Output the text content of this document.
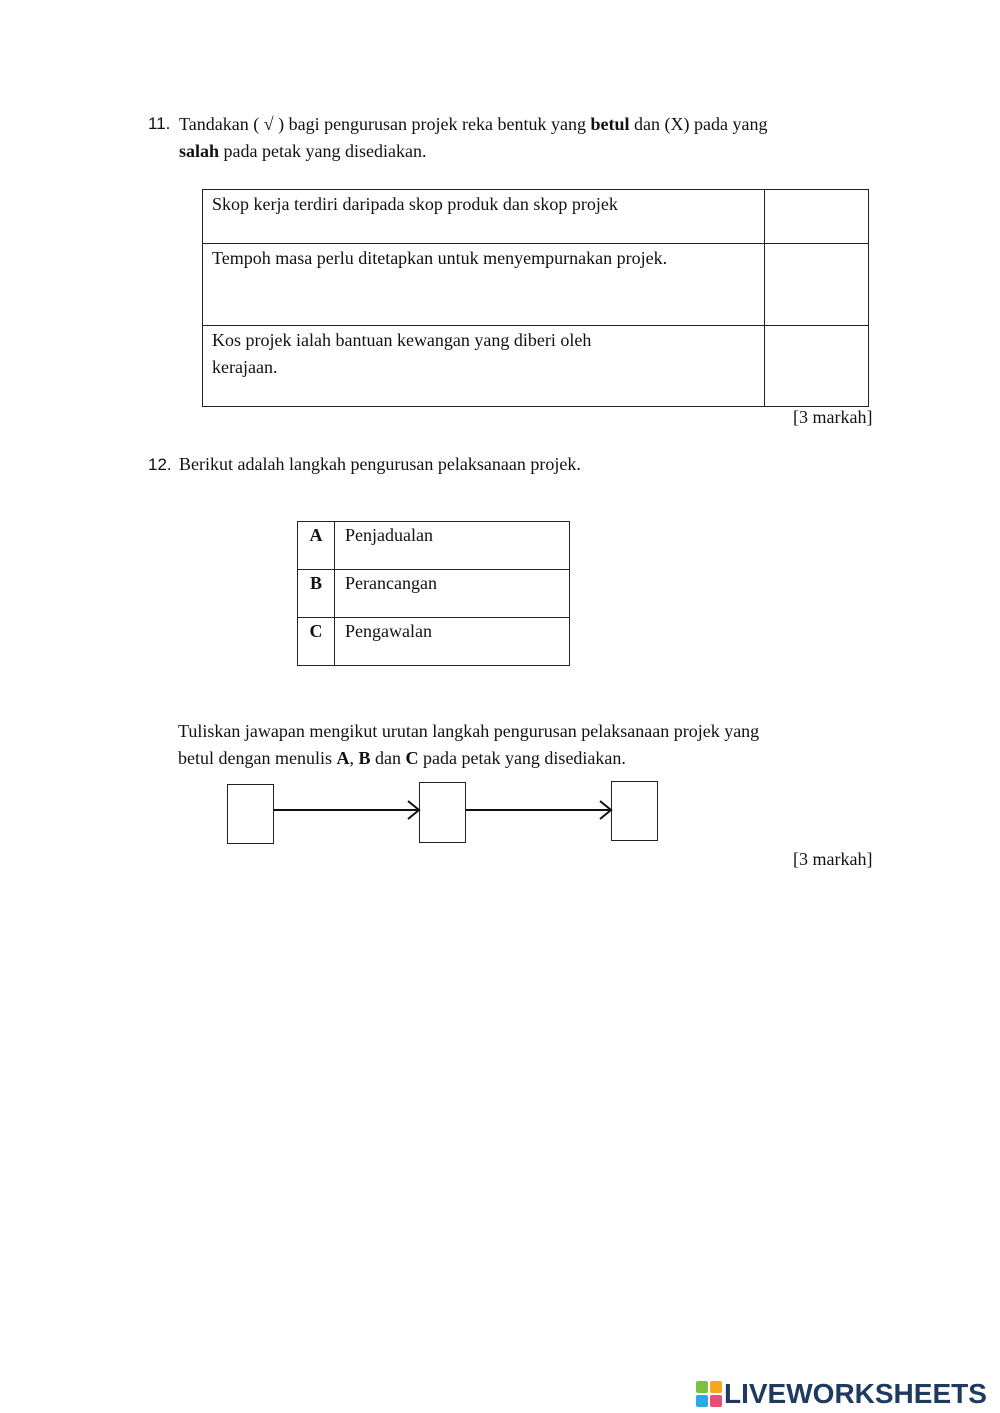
11. Tandakan ( √ ) bagi pengurusan projek reka bentuk yang betul dan (X) pada yang
salah pada petak yang disediakan.
Skop kerja terdiri daripada skop produk dan skop projek	
Tempoh masa perlu ditetapkan untuk menyempurnakan projek.	
Kos projek ialah bantuan kewangan yang diberi oleh
kerajaan.	
[3 markah]
12. Berikut adalah langkah pengurusan pelaksanaan projek.
A	Penjadualan
B	Perancangan
C	Pengawalan
Tuliskan jawapan mengikut urutan langkah pengurusan pelaksanaan projek yang
betul dengan menulis A, B dan C pada petak yang disediakan.
[3 markah]
LIVEWORKSHEETS
